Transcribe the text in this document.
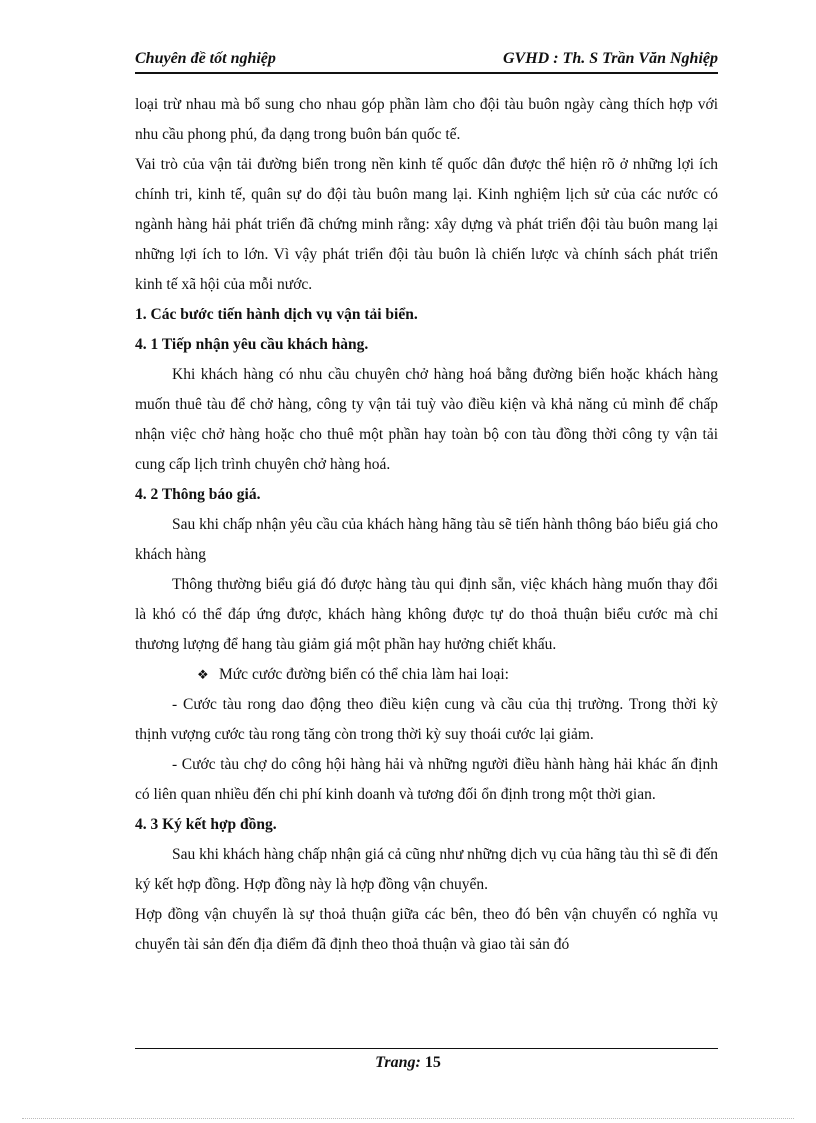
Chuyên đề tốt nghiệp	GVHD : Th. S Trần Văn Nghiệp

loại trừ nhau mà bổ sung cho nhau góp phần làm cho đội tàu buôn ngày càng thích hợp với nhu cầu phong phú, đa dạng trong buôn bán quốc tế.

Vai trò của vận tải đường biển trong nền kinh tế quốc dân được thể hiện rõ ở những lợi ích chính tri, kinh tế, quân sự do đội tàu buôn mang lại. Kinh nghiệm lịch sử của các nước có ngành hàng hải phát triển đã chứng minh rằng: xây dựng và phát triển đội tàu buôn mang lại những lợi ích to lớn. Vì vậy phát triển đội tàu buôn là chiến lược và chính sách phát triển kinh tế xã hội của mỗi nước.

1. Các bước tiến hành dịch vụ vận tải biển.

4. 1 Tiếp nhận yêu cầu khách hàng.

Khi khách hàng có nhu cầu chuyên chở hàng hoá bằng đường biển hoặc khách hàng muốn thuê tàu để chở hàng, công ty vận tải tuỳ vào điều kiện và khả năng củ mình để chấp nhận việc chở hàng hoặc cho thuê một phần hay toàn bộ con tàu đồng thời công ty vận tải cung cấp lịch trình chuyên chở hàng hoá.

4. 2 Thông báo giá.

Sau khi chấp nhận yêu cầu của khách hàng hãng tàu sẽ tiến hành thông báo biểu giá cho khách hàng

Thông thường biểu giá đó được hàng tàu qui định sẵn, việc khách hàng muốn thay đổi là khó có thể đáp ứng được, khách hàng không được tự do thoả thuận biểu cước mà chỉ thương lượng để hang tàu giảm giá một phần hay hưởng chiết khấu.

❖ Mức cước đường biển có thể chia làm hai loại:

- Cước tàu rong dao động theo điều kiện cung và cầu của thị trường. Trong thời kỳ thịnh vượng cước tàu rong tăng còn trong thời kỳ suy thoái cước lại giảm.

- Cước tàu chợ do công hội hàng hải và những người điều hành hàng hải khác ấn định có liên quan nhiều đến chi phí kinh doanh và tương đối ổn định trong một thời gian.

4. 3 Ký kết hợp đồng.

Sau khi khách hàng chấp nhận giá cả cũng như những dịch vụ của hãng tàu thì sẽ đi đến ký kết hợp đồng. Hợp đồng này là hợp đồng vận chuyển.

Hợp đồng vận chuyển là sự thoả thuận giữa các bên, theo đó bên vận chuyển có nghĩa vụ chuyển tài sản đến địa điểm đã định theo thoả thuận và giao tài sản đó

Trang: 15
